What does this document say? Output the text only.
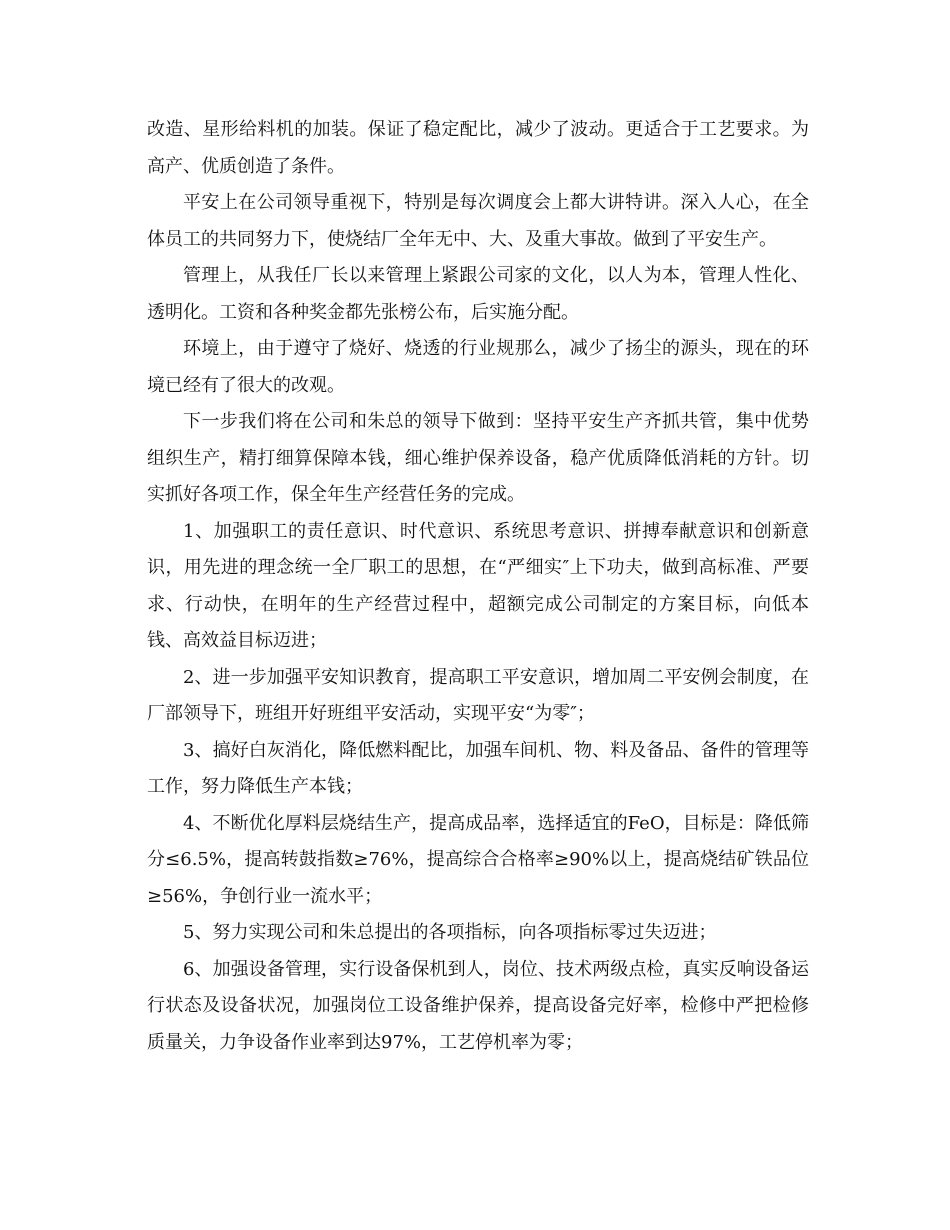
改造、星形给料机的加装。保证了稳定配比，减少了波动。更适合于工艺要求。为高产、优质创造了条件。

平安上在公司领导重视下，特别是每次调度会上都大讲特讲。深入人心，在全体员工的共同努力下，使烧结厂全年无中、大、及重大事故。做到了平安生产。

管理上，从我任厂长以来管理上紧跟公司家的文化，以人为本，管理人性化、透明化。工资和各种奖金都先张榜公布，后实施分配。

环境上，由于遵守了烧好、烧透的行业规那么，减少了扬尘的源头，现在的环境已经有了很大的改观。

下一步我们将在公司和朱总的领导下做到：坚持平安生产齐抓共管，集中优势组织生产，精打细算保障本钱，细心维护保养设备，稳产优质降低消耗的方针。切实抓好各项工作，保全年生产经营任务的完成。

1、加强职工的责任意识、时代意识、系统思考意识、拼搏奉献意识和创新意识，用先进的理念统一全厂职工的思想，在“严细实″上下功夫，做到高标准、严要求、行动快，在明年的生产经营过程中，超额完成公司制定的方案目标，向低本钱、高效益目标迈进；

2、进一步加强平安知识教育，提高职工平安意识，增加周二平安例会制度，在厂部领导下，班组开好班组平安活动，实现平安“为零″；

3、搞好白灰消化，降低燃料配比，加强车间机、物、料及备品、备件的管理等工作，努力降低生产本钱；

4、不断优化厚料层烧结生产，提高成品率，选择适宜的FeO，目标是：降低筛分≤6.5%，提高转鼓指数≥76%，提高综合合格率≥90%以上，提高烧结矿铁品位≥56%，争创行业一流水平；

5、努力实现公司和朱总提出的各项指标，向各项指标零过失迈进；

6、加强设备管理，实行设备保机到人，岗位、技术两级点检，真实反响设备运行状态及设备状况，加强岗位工设备维护保养，提高设备完好率，检修中严把检修质量关，力争设备作业率到达97%，工艺停机率为零；
